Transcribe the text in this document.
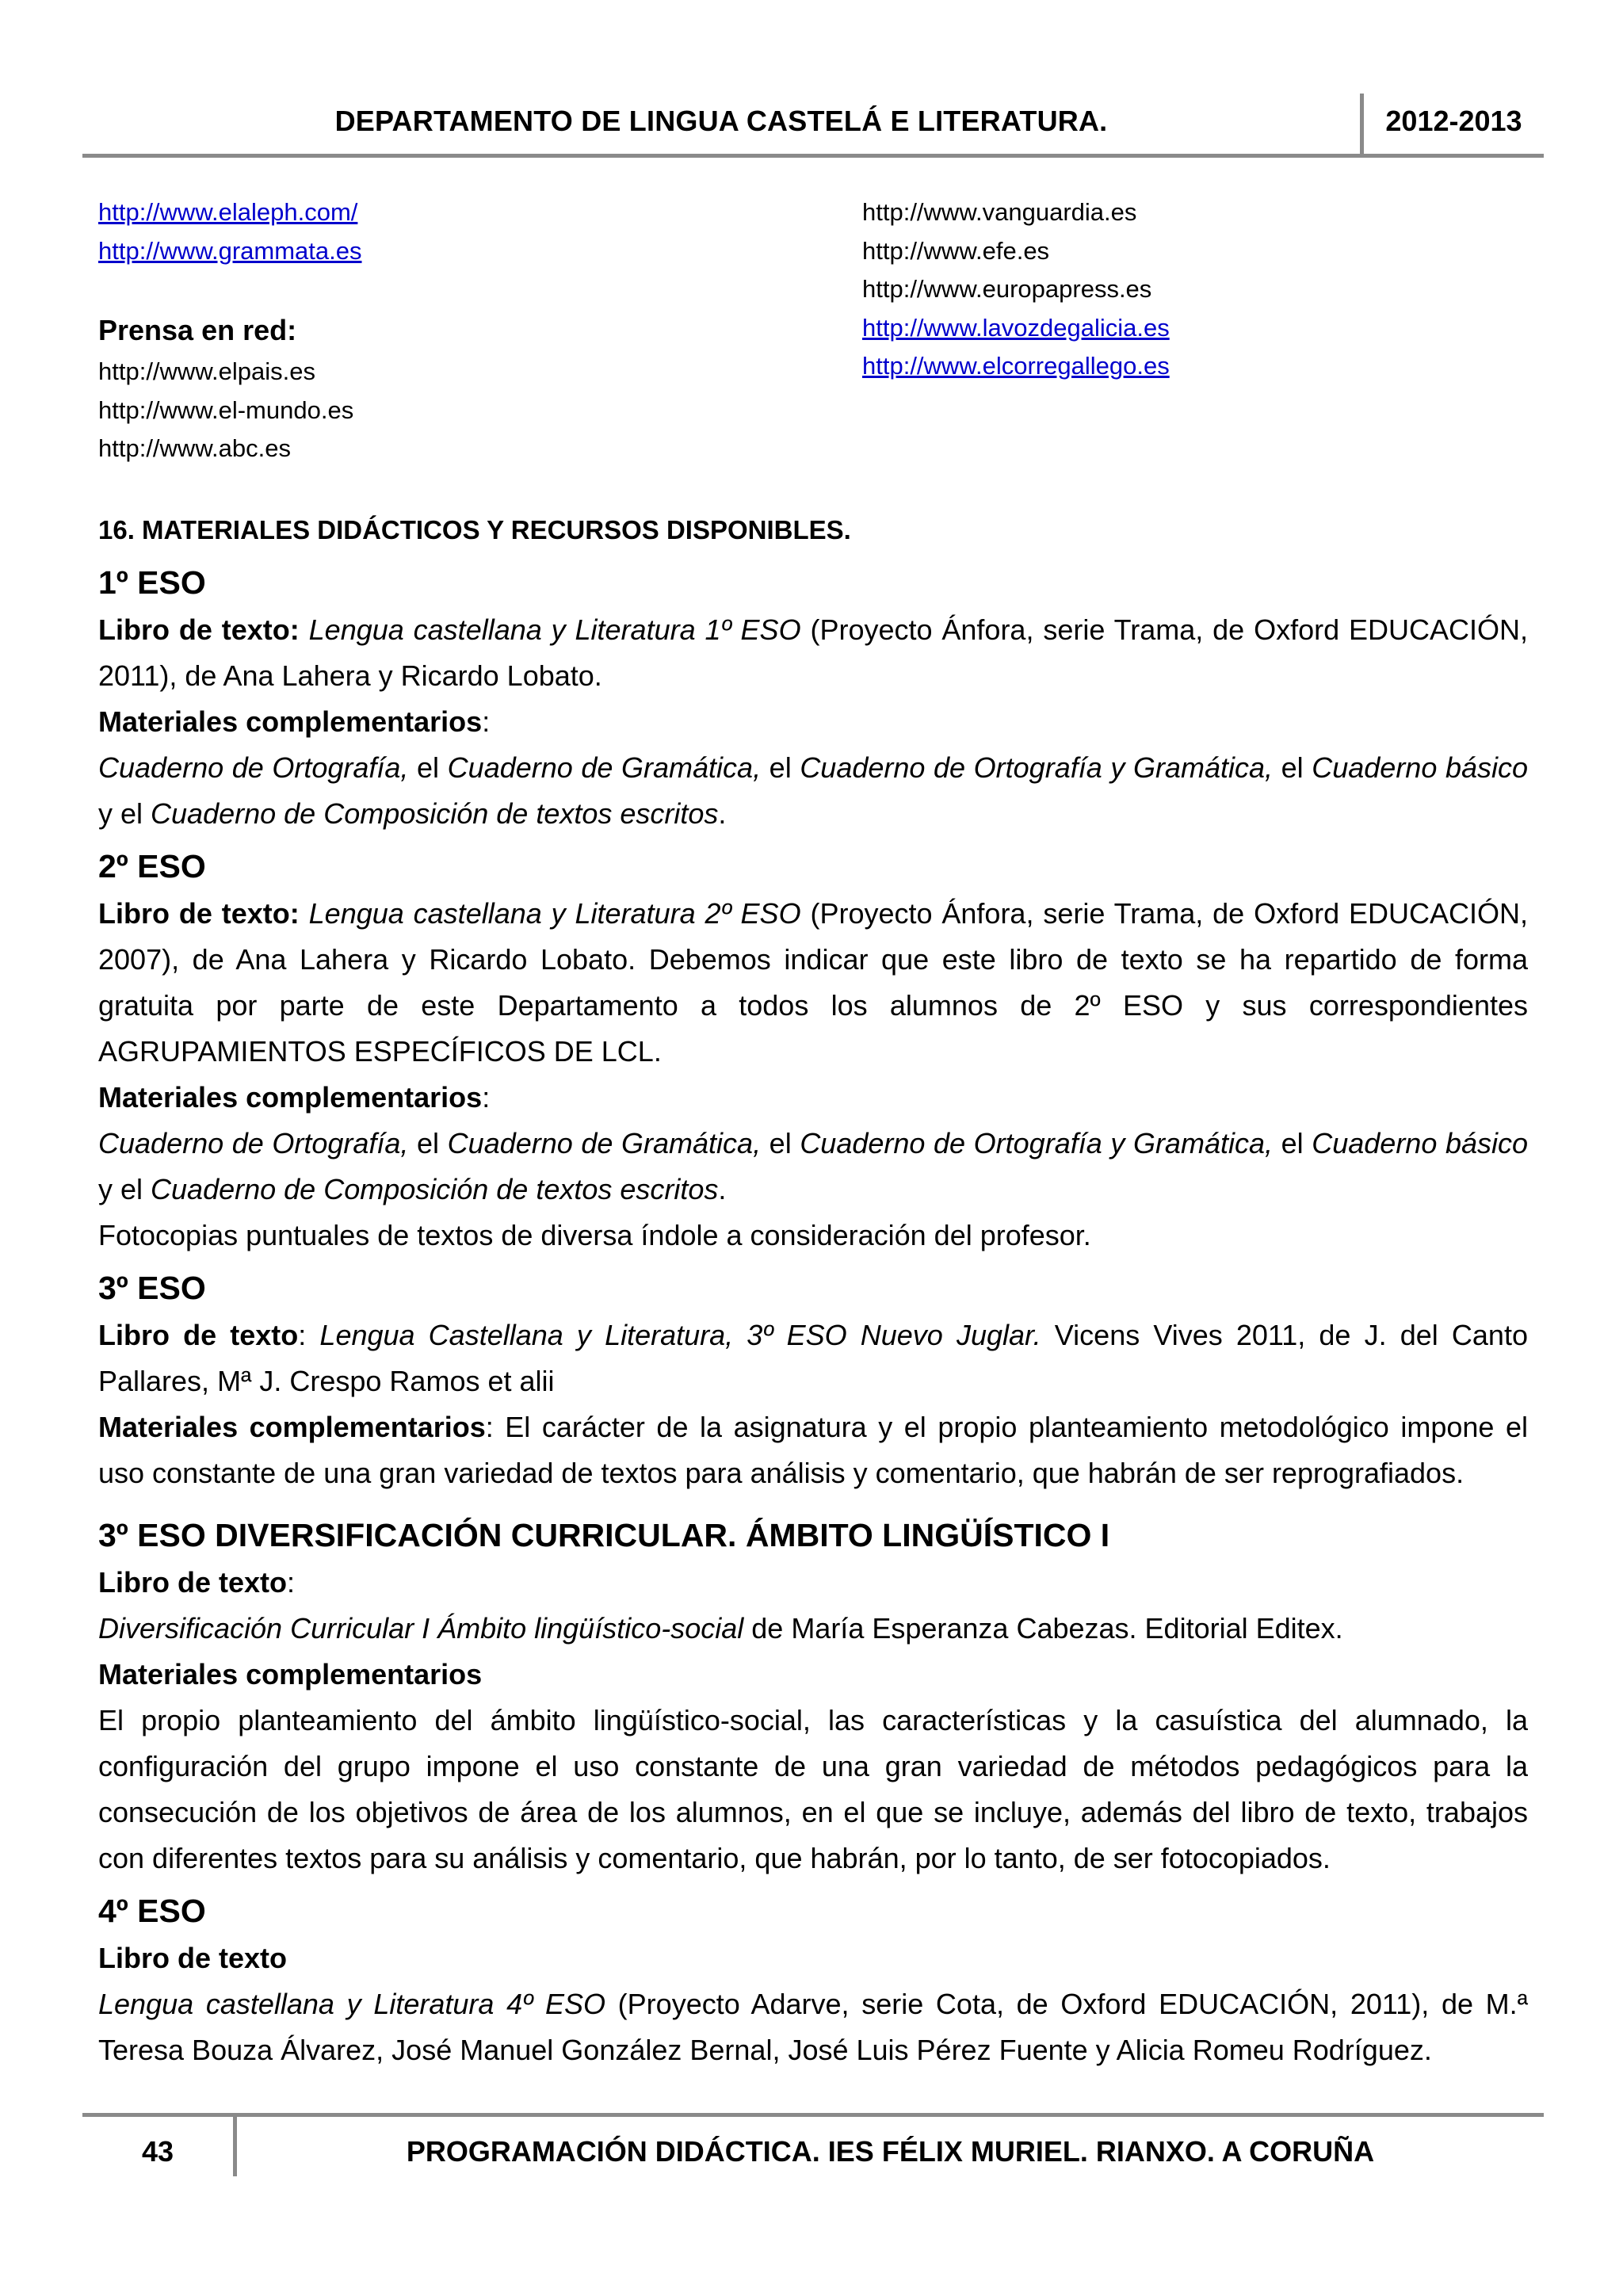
DEPARTAMENTO DE LINGUA CASTELÁ E LITERATURA.	2012-2013
http://www.elaleph.com/
http://www.grammata.es
Prensa en red:
http://www.elpais.es
http://www.el-mundo.es
http://www.abc.es
http://www.vanguardia.es
http://www.efe.es
http://www.europapress.es
http://www.lavozdegalicia.es
http://www.elcorregallego.es
16. MATERIALES DIDÁCTICOS Y RECURSOS DISPONIBLES.
1º ESO

Libro de texto: Lengua castellana y Literatura 1º ESO (Proyecto Ánfora, serie Trama, de Oxford EDUCACIÓN, 2011), de Ana Lahera y Ricardo Lobato.

Materiales complementarios:

Cuaderno de Ortografía, el Cuaderno de Gramática, el Cuaderno de Ortografía y Gramática, el Cuaderno básico y el Cuaderno de Composición de textos escritos.

2º ESO

Libro de texto: Lengua castellana y Literatura 2º ESO (Proyecto Ánfora, serie Trama, de Oxford EDUCACIÓN, 2007), de Ana Lahera y Ricardo Lobato. Debemos indicar que este libro de texto se ha repartido de forma gratuita por parte de este Departamento a todos los alumnos de 2º ESO y sus correspondientes AGRUPAMIENTOS ESPECÍFICOS DE LCL.

Materiales complementarios:

Cuaderno de Ortografía, el Cuaderno de Gramática, el Cuaderno de Ortografía y Gramática, el Cuaderno básico y el Cuaderno de Composición de textos escritos.

Fotocopias puntuales de textos de diversa índole a consideración del profesor.

3º ESO

Libro de texto: Lengua Castellana y Literatura, 3º ESO Nuevo Juglar. Vicens Vives 2011, de J. del Canto Pallares, Mª J. Crespo Ramos et alii

Materiales complementarios: El carácter de la asignatura y el propio planteamiento metodológico impone el uso constante de una gran variedad de textos para análisis y comentario, que habrán de ser reprografiados.

3º ESO DIVERSIFICACIÓN CURRICULAR. ÁMBITO LINGÜÍSTICO I

Libro de texto:

Diversificación Curricular I Ámbito lingüístico-social de María Esperanza Cabezas. Editorial Editex.

Materiales complementarios

El propio planteamiento del ámbito lingüístico-social, las características y la casuística del alumnado, la configuración del grupo impone el uso constante de una gran variedad de métodos pedagógicos para la consecución de los objetivos de área de los alumnos, en el que se incluye, además del libro de texto, trabajos con diferentes textos para su análisis y comentario, que habrán, por lo tanto, de ser fotocopiados.

4º ESO

Libro de texto

Lengua castellana y Literatura 4º ESO (Proyecto Adarve, serie Cota, de Oxford EDUCACIÓN, 2011), de M.ª Teresa Bouza Álvarez, José Manuel González Bernal, José Luis Pérez Fuente y Alicia Romeu Rodríguez.

43	PROGRAMACIÓN DIDÁCTICA. IES FÉLIX MURIEL. RIANXO. A CORUÑA
